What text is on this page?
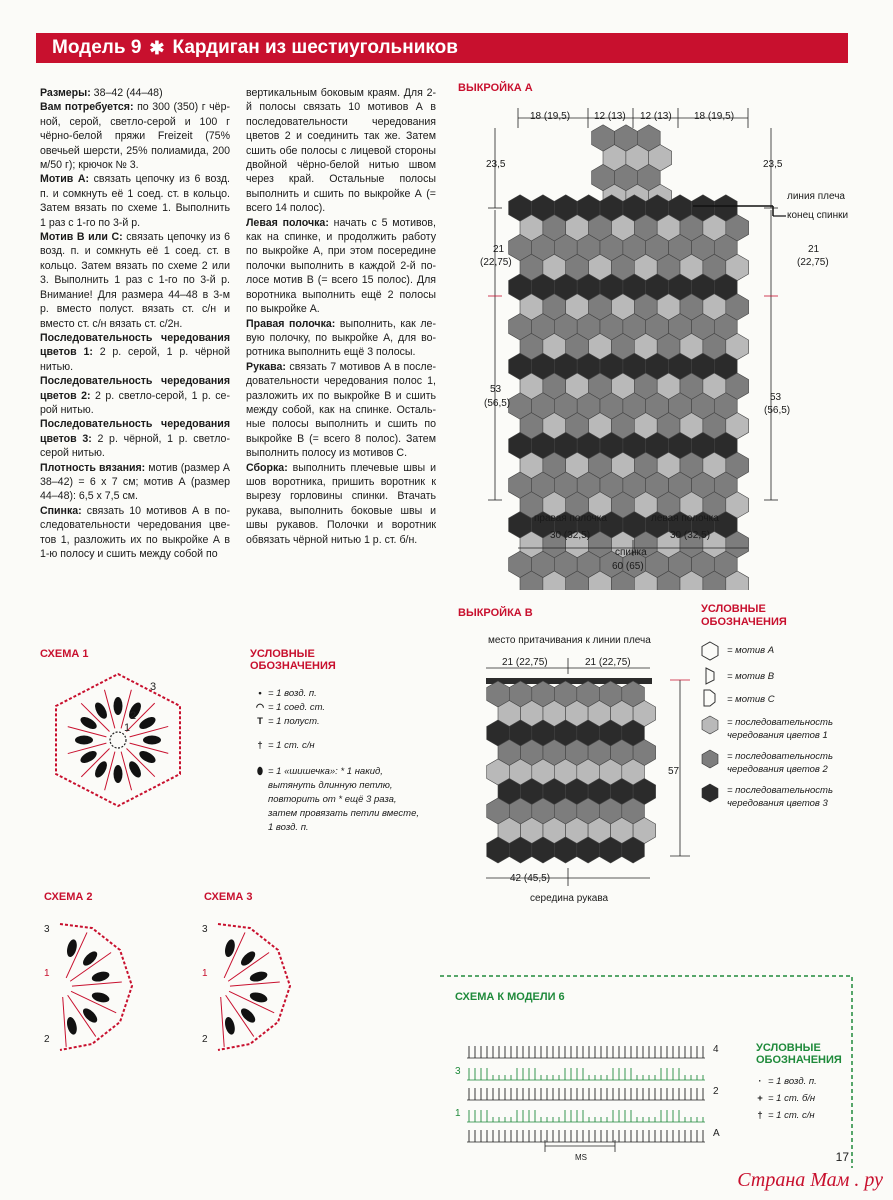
Модель 9 ✱ Кардиган из шестиугольников

Размеры: 38–42 (44–48)

Вам потребуется: по 300 (350) г чёрной, серой, светло-серой и 100 г чёрно-белой пряжи Freizeit (75% овечьей шерсти, 25% полиамида, 200 м/50 г); крючок № 3.

Мотив А: связать цепочку из 6 возд. п. и сомкнуть её 1 соед. ст. в кольцо. Затем вязать по схеме 1. Выполнить 1 раз с 1-го по 3-й р.

Мотив В или С: связать цепочку из 6 возд. п. и сомкнуть её 1 соед. ст. в кольцо. Затем вязать по схеме 2 или 3. Выполнить 1 раз с 1-го по 3-й р. Внимание! Для размера 44–48 в 3-м р. вместо полуст. вязать ст. с/н и вместо ст. с/н вязать ст. с/2н.

Последовательность чередования цветов 1: 2 р. серой, 1 р. чёрной нитью.

Последовательность чередования цветов 2: 2 р. светло-серой, 1 р. серой нитью.

Последовательность чередования цветов 3: 2 р. чёрной, 1 р. светлосерой нитью.

Плотность вязания: мотив (размер А 38–42) = 6 х 7 см; мотив А (размер 44–48): 6,5 х 7,5 см.

Спинка: связать 10 мотивов А в последовательности чередования цветов 1, разложить их по выкройке А в 1-ю полосу и сшить между собой по

вертикальным боковым краям. Для 2-й полосы связать 10 мотивов А в последовательности чередования цветов 2 и соединить так же. Затем сшить обе полосы с лицевой стороны двойной чёрно-белой нитью швом через край. Остальные полосы выполнить и сшить по выкройке А (= всего 14 полос).

Левая полочка: начать с 5 мотивов, как на спинке, и продолжить работу по выкройке А, при этом посередине полочки выполнить в каждой 2-й полосе мотив В (= всего 15 полос). Для воротника выполнить ещё 2 полосы по выкройке А.

Правая полочка: выполнить, как левую полочку, по выкройке А, для воротника выполнить ещё 3 полосы.

Рукава: связать 7 мотивов А в последовательности чередования полос 1, разложить их по выкройке В и сшить между собой, как на спинке. Остальные полосы выполнить и сшить по выкройке В (= всего 8 полос). Затем выполнить полосу из мотивов С.

Сборка: выполнить плечевые швы и шов воротника, пришить воротник к вырезу горловины спинки. Втачать рукава, выполнить боковые швы и швы рукавов. Полочки и воротник обвязать чёрной нитью 1 р. ст. б/н.

ВЫКРОЙКА А
18 (19,5) 12 (13) 12 (13) 18 (19,5)
23,5	23,5
линия плеча
конец спинки
21
(22,75)
21
(22,75)
53
(56,5)
53
(56,5)
правая полочка	левая полочка
30 (32,5)	30 (32,5)
спинка
60 (65)
ВЫКРОЙКА В
место притачивания к линии плеча
21 (22,75)	21 (22,75)
57
42 (45,5)
середина рукава
УСЛОВНЫЕ
ОБОЗНАЧЕНИЯ
= мотив А
= мотив В
= мотив С
= последовательность
чередования цветов 1
= последовательность
чередования цветов 2
= последовательность
чередования цветов 3
СХЕМА 1
3
2
1
УСЛОВНЫЕ
ОБОЗНАЧЕНИЯ
• = 1 возд. п.
◠ = 1 соед. ст.
T = 1 полуст.
† = 1 ст. с/н
⬮ = 1 «шишечка»: * 1 накид,
вытянуть длинную петлю,
повторить от * ещё 3 раза,
затем провязать петли вместе,
1 возд. п.
СХЕМА 2
3
1
2
СХЕМА 3
3
1
2
СХЕМА К МОДЕЛИ 6
3
1
4
2
A
MS
УСЛОВНЫЕ
ОБОЗНАЧЕНИЯ
· = 1 возд. п.
+ = 1 ст. б/н
† = 1 ст. с/н
17
Страна Мам . ру
